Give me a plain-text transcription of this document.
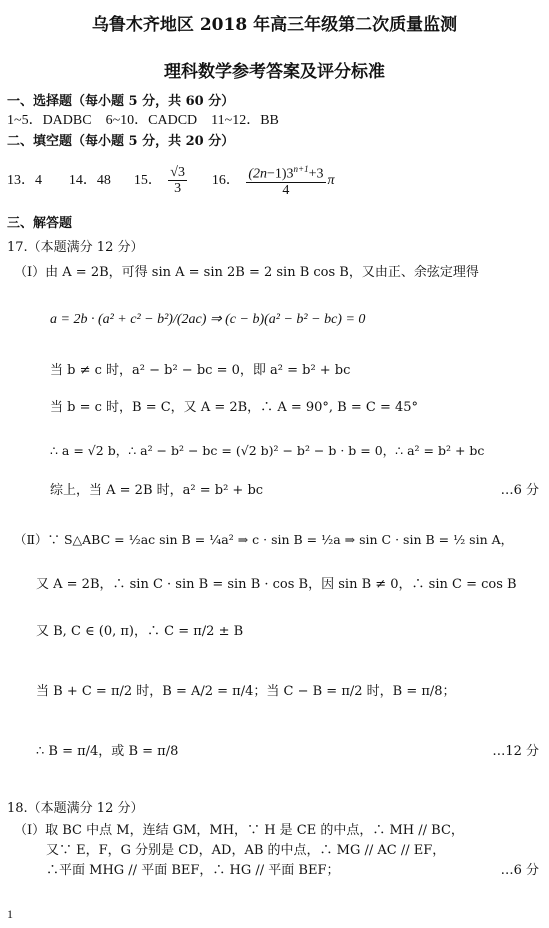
乌鲁木齐地区 2018 年高三年级第二次质量监测
理科数学参考答案及评分标准
一、选择题（每小题 5 分，共 60 分）
1~5．DADBC　6~10．CADCD　11~12．BB
二、填空题（每小题 5 分，共 20 分）
13．4 14．48 15． $\frac{√3}{3} 16$． $\frac{(2n-1)3^{n+1}+3}{4}$ π
三、解答题
17.（本题满分 12 分）
（Ⅰ）由 A = 2B，可得 sin A = sin 2B = 2 sin B cos B，又由正、余弦定理得
a = 2b · (a² + c² − b²)/(2ac) ⇒ (c − b)(a² − b² − bc) = 0
当 b ≠ c 时，a² − b² − bc = 0，即 a² = b² + bc
当 b = c 时，B = C，又 A = 2B，∴ A = 90°, B = C = 45°
∴ a = √2 b，∴ a² − b² − bc = (√2 b)² − b² − b · b = 0，∴ a² = b² + bc
综上，当 A = 2B 时，a² = b² + bc	…6 分
（Ⅱ）∵ S△ABC = ½ac sin B = ¼a² ⇒ c · sin B = ½a ⇒ sin C · sin B = ½ sin A，
又 A = 2B，∴ sin C · sin B = sin B · cos B，因 sin B ≠ 0，∴ sin C = cos B
又 B, C ∈ (0, π)，∴ C = π/2 ± B
当 B + C = π/2 时，B = A/2 = π/4；当 C − B = π/2 时，B = π/8；
∴ B = π/4，或 B = π/8	…12 分
18.（本题满分 12 分）
（Ⅰ）取 BC 中点 M，连结 GM，MH，∵ H 是 CE 的中点，∴ MH // BC，
又∵ E，F，G 分别是 CD，AD，AB 的中点，∴ MG // AC // EF，
∴平面 MHG // 平面 BEF，∴ HG // 平面 BEF；	…6 分
1
